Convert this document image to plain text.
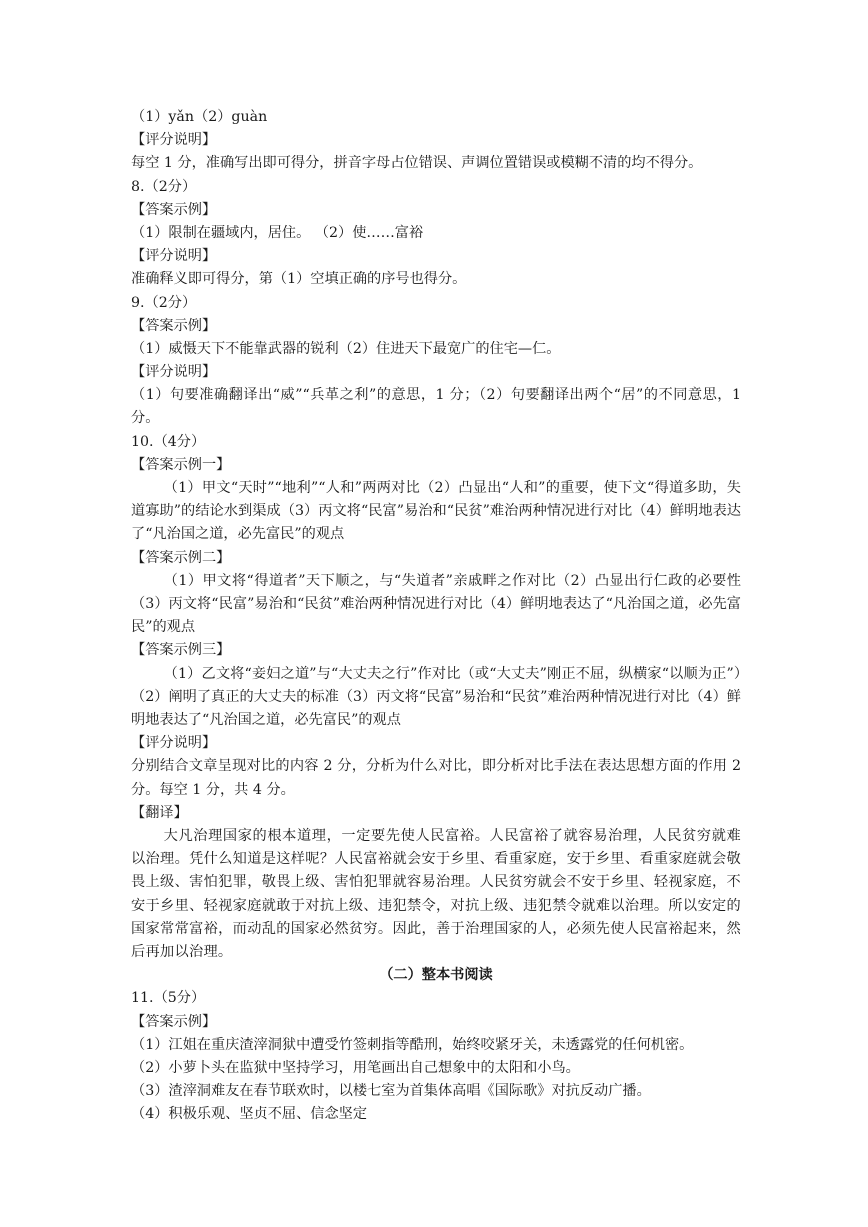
（1）yǎn（2）guàn
【评分说明】
每空 1 分，准确写出即可得分，拼音字母占位错误、声调位置错误或模糊不清的均不得分。
8.（2分）
【答案示例】
（1）限制在疆域内，居住。 （2）使……富裕
【评分说明】
准确释义即可得分，第（1）空填正确的序号也得分。
9.（2分）
【答案示例】
（1）威慑天下不能靠武器的锐利（2）住进天下最宽广的住宅—仁。
【评分说明】
（1）句要准确翻译出“威”“兵革之利”的意思，1 分；（2）句要翻译出两个“居”的不同意思，1 分。
10.（4分）
【答案示例一】
（1）甲文“天时”“地利”“人和”两两对比（2）凸显出“人和”的重要，使下文“得道多助，失道寡助”的结论水到渠成（3）丙文将“民富”易治和“民贫”难治两种情况进行对比（4）鲜明地表达了“凡治国之道，必先富民”的观点
【答案示例二】
（1）甲文将“得道者”天下顺之，与“失道者”亲戚畔之作对比（2）凸显出行仁政的必要性（3）丙文将“民富”易治和“民贫”难治两种情况进行对比（4）鲜明地表达了“凡治国之道，必先富民”的观点
【答案示例三】
（1）乙文将“妾妇之道”与“大丈夫之行”作对比（或“大丈夫”刚正不屈，纵横家“以顺为正”）（2）阐明了真正的大丈夫的标准（3）丙文将“民富”易治和“民贫”难治两种情况进行对比（4）鲜明地表达了“凡治国之道，必先富民”的观点
【评分说明】
分别结合文章呈现对比的内容 2 分，分析为什么对比，即分析对比手法在表达思想方面的作用 2 分。每空 1 分，共 4 分。
【翻译】
大凡治理国家的根本道理，一定要先使人民富裕。人民富裕了就容易治理，人民贫穷就难以治理。凭什么知道是这样呢？人民富裕就会安于乡里、看重家庭，安于乡里、看重家庭就会敬畏上级、害怕犯罪，敬畏上级、害怕犯罪就容易治理。人民贫穷就会不安于乡里、轻视家庭，不安于乡里、轻视家庭就敢于对抗上级、违犯禁令，对抗上级、违犯禁令就难以治理。所以安定的国家常常富裕，而动乱的国家必然贫穷。因此，善于治理国家的人，必须先使人民富裕起来，然后再加以治理。
（二）整本书阅读
11.（5分）
【答案示例】
（1）江姐在重庆渣滓洞狱中遭受竹签刺指等酷刑，始终咬紧牙关，未透露党的任何机密。
（2）小萝卜头在监狱中坚持学习，用笔画出自己想象中的太阳和小鸟。
（3）渣滓洞难友在春节联欢时，以楼七室为首集体高唱《国际歌》对抗反动广播。
（4）积极乐观、坚贞不屈、信念坚定
